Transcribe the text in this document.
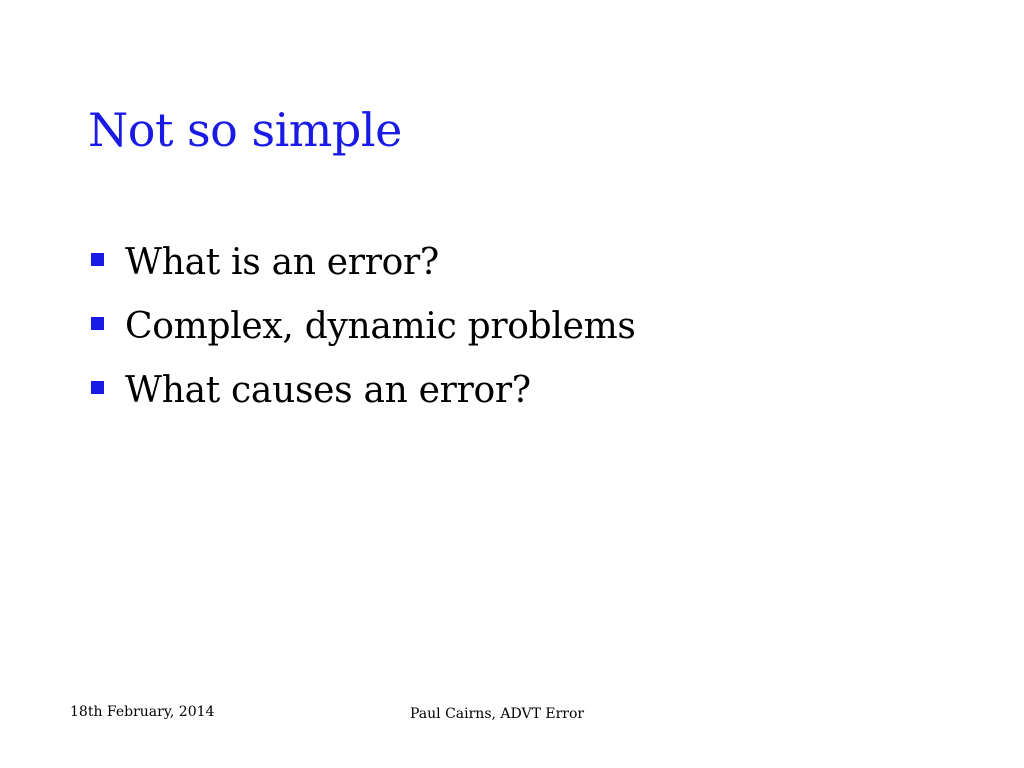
Not so simple
What is an error?
Complex, dynamic problems
What causes an error?
18th February, 2014	Paul Cairns, ADVT Error
